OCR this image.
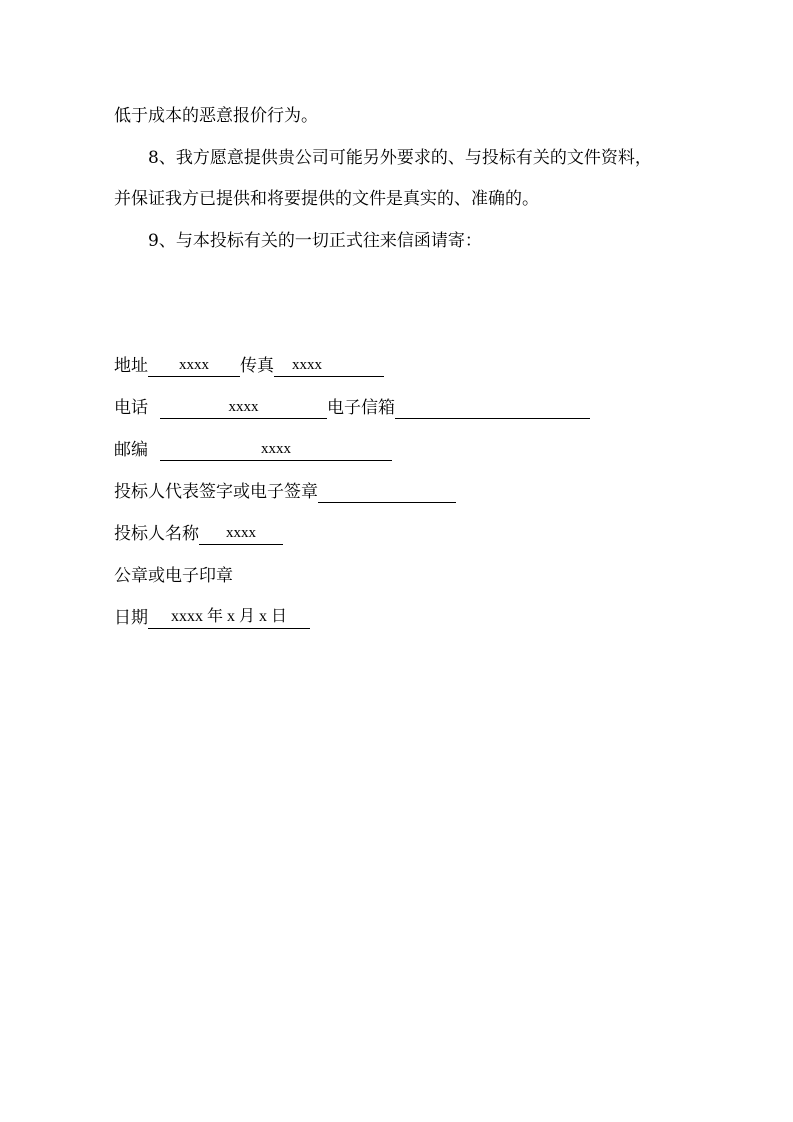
低于成本的恶意报价行为。
8、我方愿意提供贵公司可能另外要求的、与投标有关的文件资料，
并保证我方已提供和将要提供的文件是真实的、准确的。
9、与本投标有关的一切正式往来信函请寄：
地址 xxxx 传真 xxxx
电话	xxxx	电子信箱
邮编	xxxx
投标人代表签字或电子签章
投标人名称 xxxx
公章或电子印章
日期 xxxx 年 x 月 x 日
